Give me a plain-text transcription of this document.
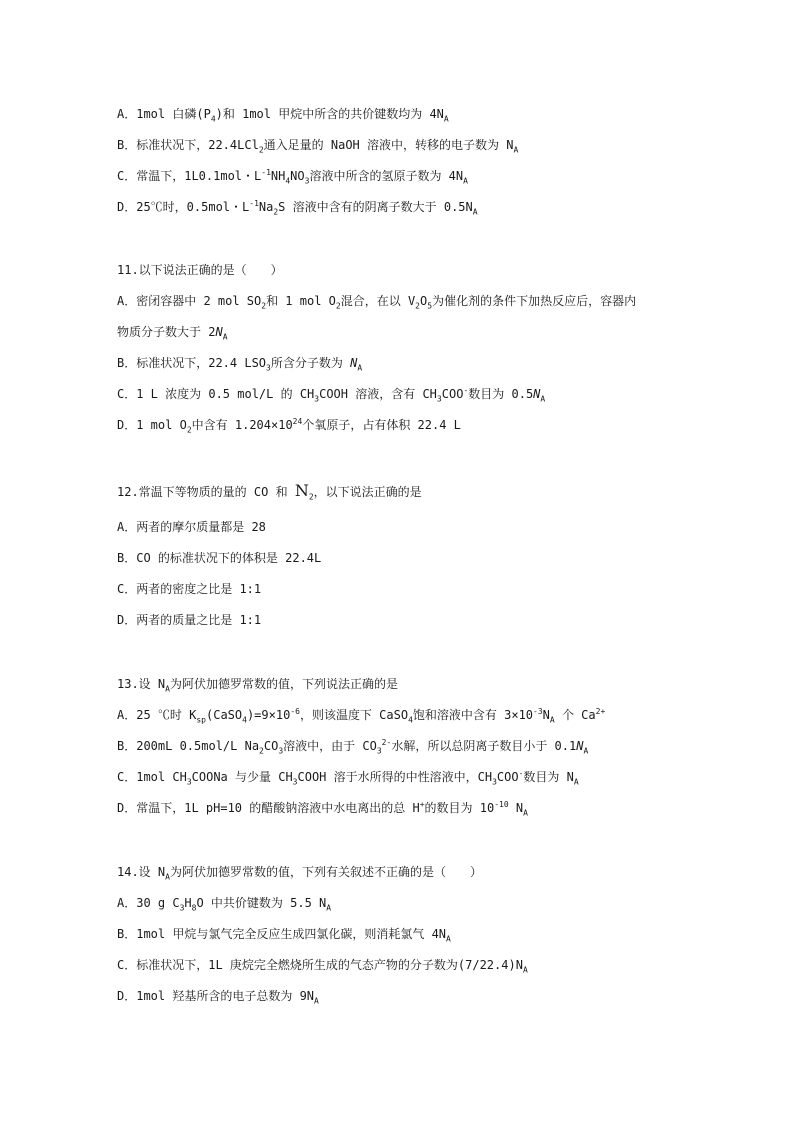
A．1mol 白磷$(P_4)$和 1mol 甲烷中所含的共价键数均为 $4N_A$
B．标准状况下，22.4LCl$_2$通入足量的 NaOH 溶液中，转移的电子数为 $N_A$
C．常温下，1L0.1mol・$L^{-1}NH_4NO_3$溶液中所含的氢原子数为 $4N_A$
D．25℃时，0.5mol・$L^{-1}Na_2S$ 溶液中含有的阴离子数大于 $0.5N_A$
11.以下说法正确的是（　　）
A．密闭容器中 2 mol $SO_2$和 1 mol $O_2$混合，在以 $V_2O_5$为催化剂的条件下加热反应后，容器内
物质分子数大于 $2N_A$
B．标准状况下，22.4 $LSO_3$所含分子数为 $N_A$
C．1 L 浓度为 0.5 mol/L 的 $CH_3COOH$ 溶液，含有 $CH_3COO^-$数目为 $0.5N_A$
D．1 mol $O_2$中含有 $1.204\times 10^{24}$个氧原子，占有体积 22.4 L
12.常温下等物质的量的 CO 和 $N_2$，以下说法正确的是
A．两者的摩尔质量都是 28
B．CO 的标准状况下的体积是 22.4L
C．两者的密度之比是 1:1
D．两者的质量之比是 1:1
13.设 $N_A$为阿伏加德罗常数的值，下列说法正确的是
A．25 ℃时 $K_{sp}(CaSO_4)=9\times 10^{-6}$，则该温度下 CaSO$_4$饱和溶液中含有 $3\times 10^{-3}N_A$ 个 $Ca^{2+}$
B．200mL 0.5mol/L $Na_2CO_3$溶液中，由于 $CO_3^{2-}$水解，所以总阴离子数目小于 $0.1N_A$
C．1mol $CH_3COONa$ 与少量 $CH_3COOH$ 溶于水所得的中性溶液中，$CH_3COO^-$数目为 $N_A$
D．常温下，1L pH=10 的醋酸钠溶液中水电离出的总 H+的数目为 $10^{-10}$ $N_A$
14.设 $N_A$为阿伏加德罗常数的值，下列有关叙述不正确的是（　　）
A．30 g $C_3H_8O$ 中共价键数为 5.5 $N_A$
B．1mol 甲烷与氯气完全反应生成四氯化碳，则消耗氯气 $4N_A$
C．标准状况下，1L 庚烷完全燃烧所生成的气态产物的分子数为$(7/22.4)N_A$
D．1mol 羟基所含的电子总数为 $9N_A$
